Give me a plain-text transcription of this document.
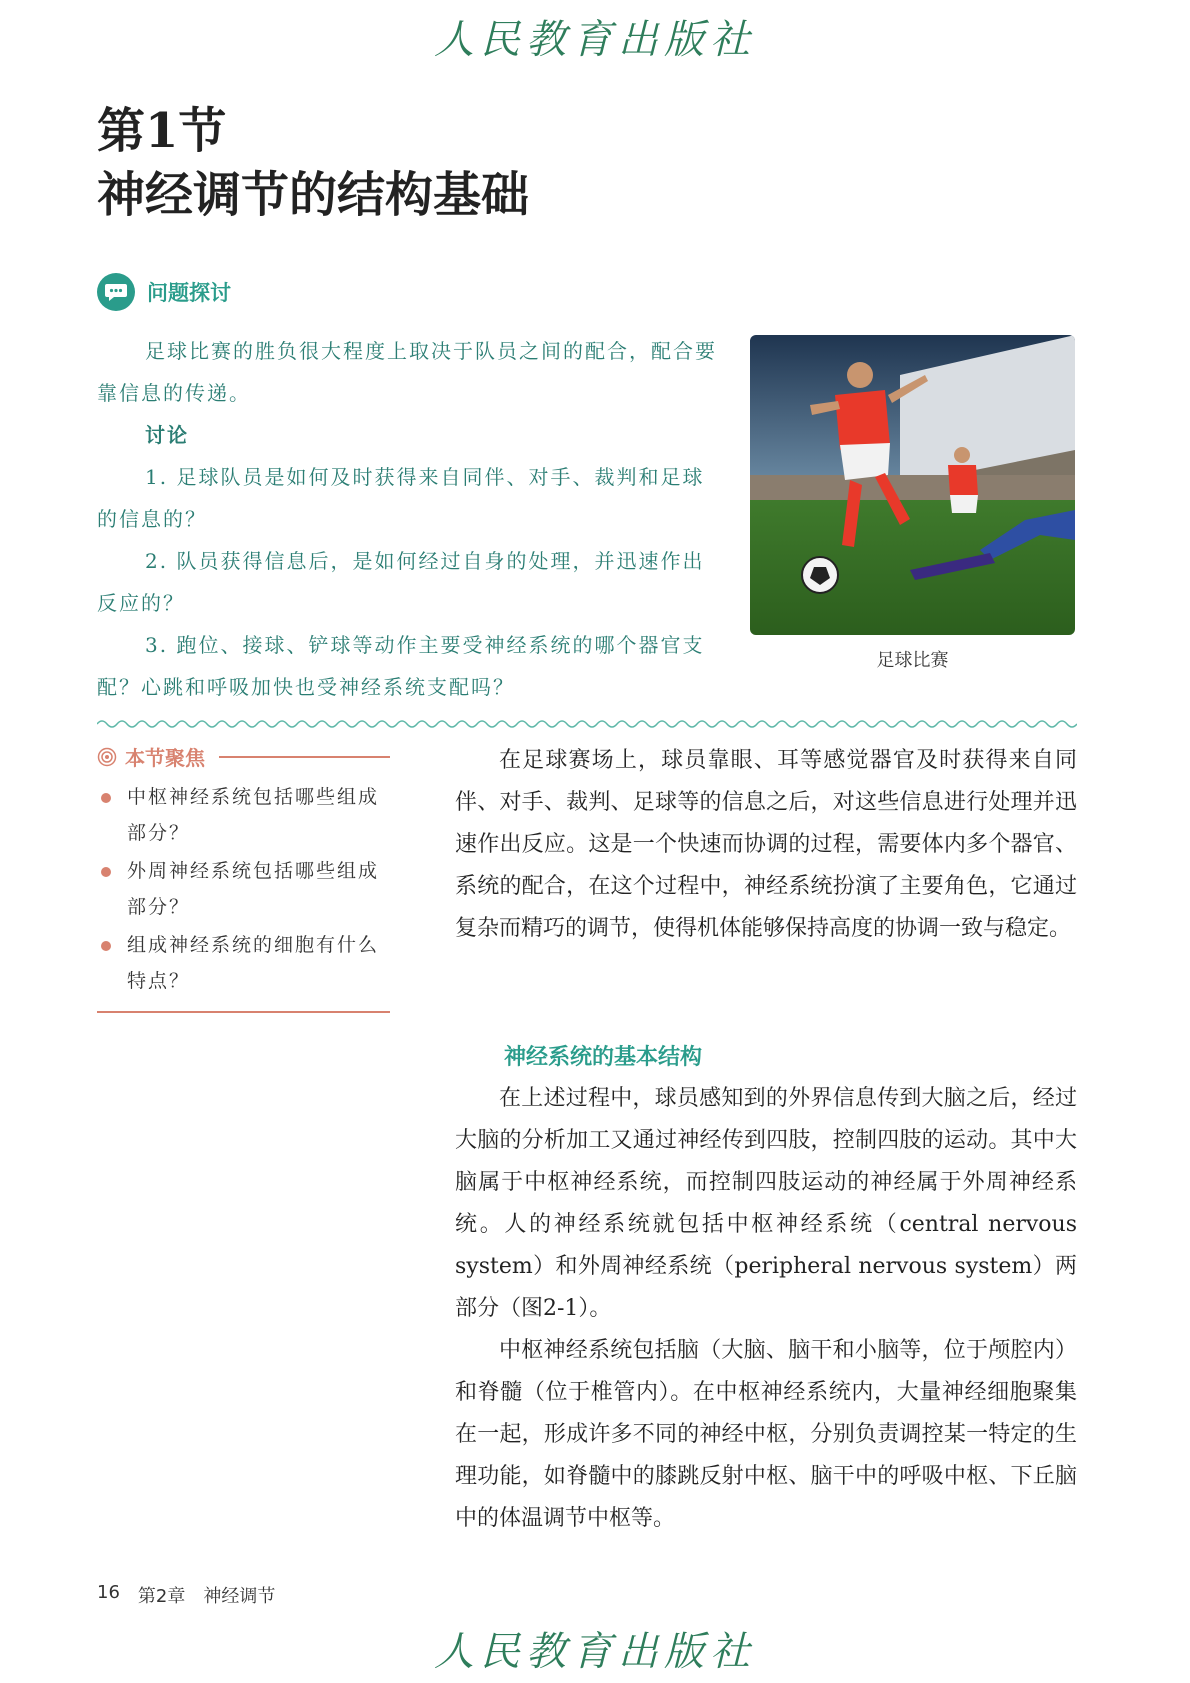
人民教育出版社
第1节
神经调节的结构基础
问题探讨

足球比赛的胜负很大程度上取决于队员之间的配合，配合要靠信息的传递。

讨论

1. 足球队员是如何及时获得来自同伴、对手、裁判和足球的信息的？

2. 队员获得信息后，是如何经过自身的处理，并迅速作出反应的？

3. 跑位、接球、铲球等动作主要受神经系统的哪个器官支配？心跳和呼吸加快也受神经系统支配吗？

足球比赛
本节聚焦
中枢神经系统包括哪些组成部分？
外周神经系统包括哪些组成部分？
组成神经系统的细胞有什么特点？

在足球赛场上，球员靠眼、耳等感觉器官及时获得来自同伴、对手、裁判、足球等的信息之后，对这些信息进行处理并迅速作出反应。这是一个快速而协调的过程，需要体内多个器官、系统的配合，在这个过程中，神经系统扮演了主要角色，它通过复杂而精巧的调节，使得机体能够保持高度的协调一致与稳定。

神经系统的基本结构

在上述过程中，球员感知到的外界信息传到大脑之后，经过大脑的分析加工又通过神经传到四肢，控制四肢的运动。其中大脑属于中枢神经系统，而控制四肢运动的神经属于外周神经系统。人的神经系统就包括中枢神经系统（central nervous system）和外周神经系统（peripheral nervous system）两部分（图2-1）。

中枢神经系统包括脑（大脑、脑干和小脑等，位于颅腔内）和脊髓（位于椎管内）。在中枢神经系统内，大量神经细胞聚集在一起，形成许多不同的神经中枢，分别负责调控某一特定的生理功能，如脊髓中的膝跳反射中枢、脑干中的呼吸中枢、下丘脑中的体温调节中枢等。

16 第2章 神经调节
人民教育出版社
